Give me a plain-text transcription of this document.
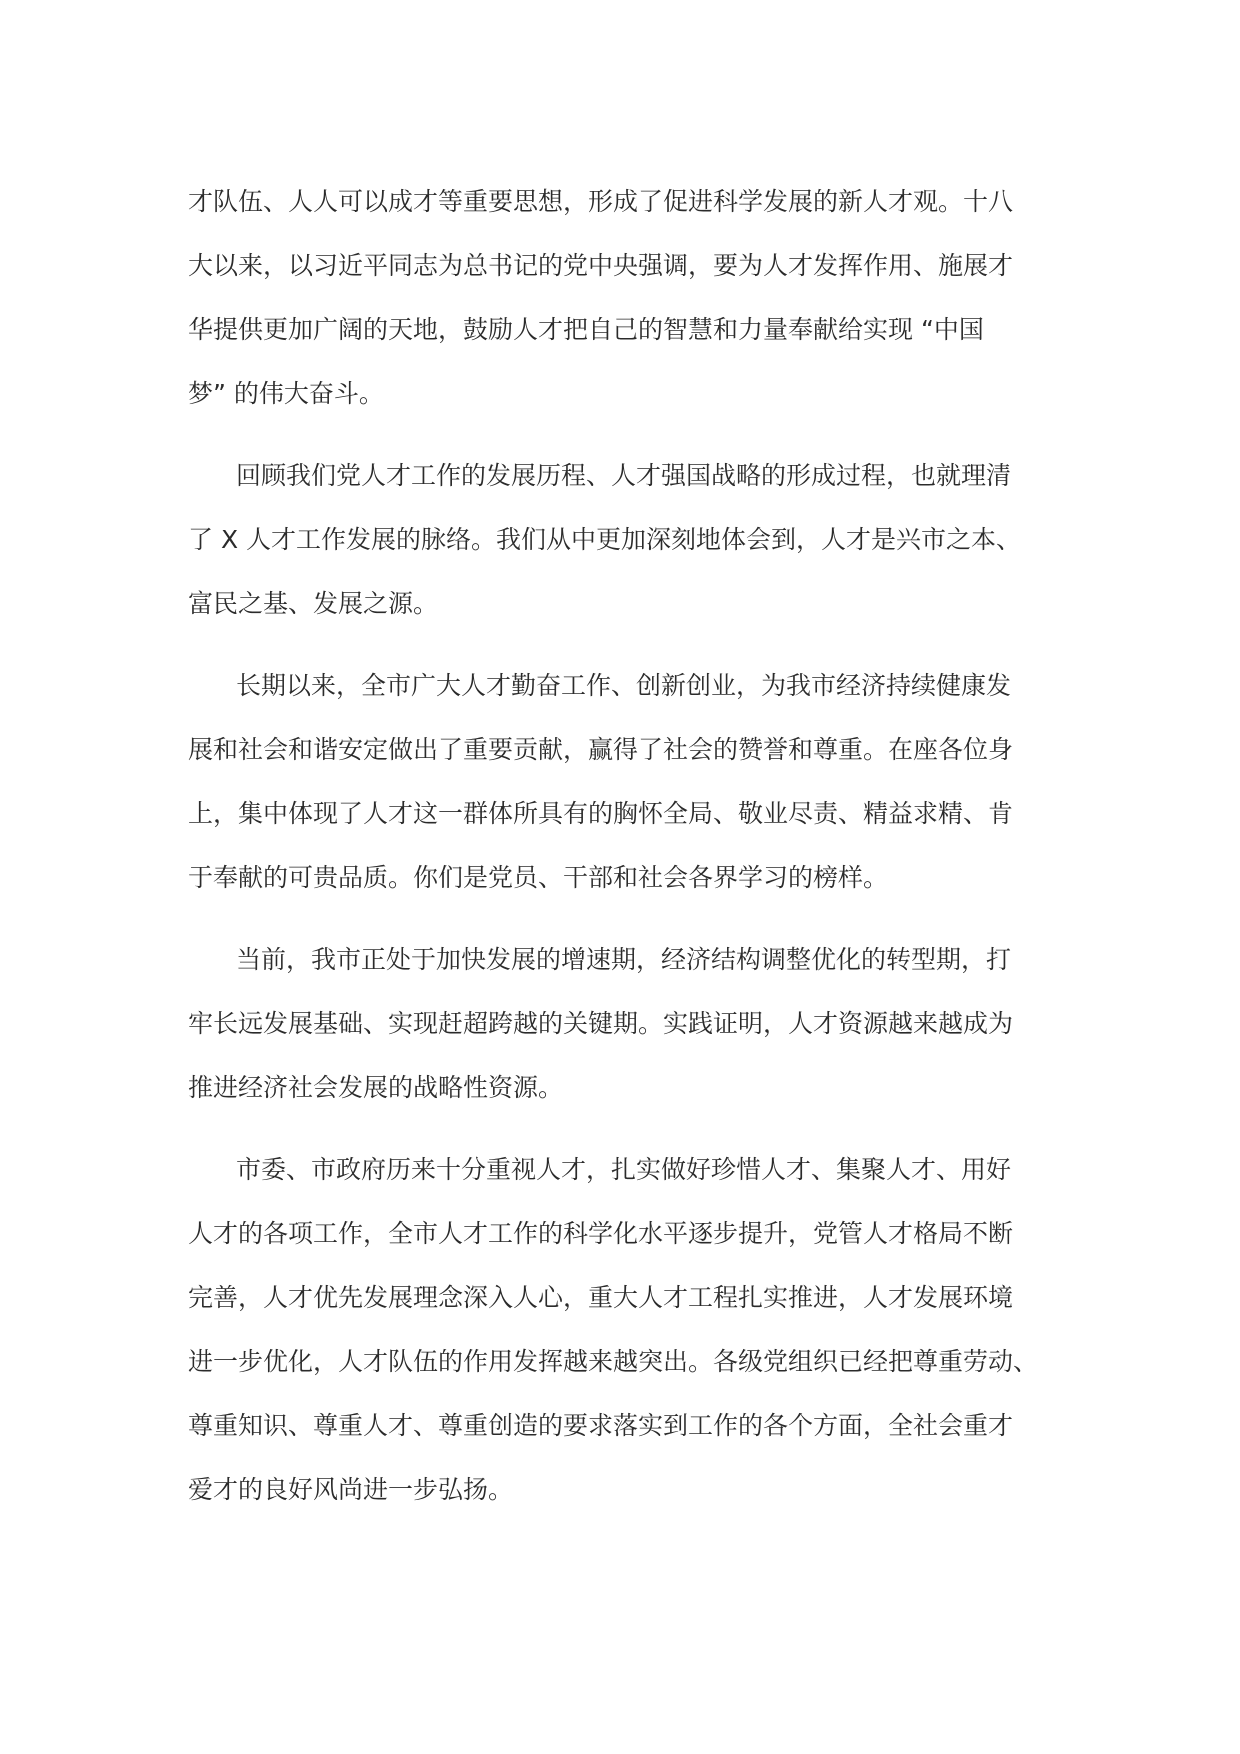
才队伍、人人可以成才等重要思想，形成了促进科学发展的新人才观。十八
大以来，以习近平同志为总书记的党中央强调，要为人才发挥作用、施展才
华提供更加广阔的天地，鼓励人才把自己的智慧和力量奉献给实现 “中国
梦” 的伟大奋斗。
回顾我们党人才工作的发展历程、人才强国战略的形成过程，也就理清
了 X 人才工作发展的脉络。我们从中更加深刻地体会到，人才是兴市之本、
富民之基、发展之源。
长期以来，全市广大人才勤奋工作、创新创业，为我市经济持续健康发
展和社会和谐安定做出了重要贡献，赢得了社会的赞誉和尊重。在座各位身
上，集中体现了人才这一群体所具有的胸怀全局、敬业尽责、精益求精、肯
于奉献的可贵品质。你们是党员、干部和社会各界学习的榜样。
当前，我市正处于加快发展的增速期，经济结构调整优化的转型期，打
牢长远发展基础、实现赶超跨越的关键期。实践证明，人才资源越来越成为
推进经济社会发展的战略性资源。
市委、市政府历来十分重视人才，扎实做好珍惜人才、集聚人才、用好
人才的各项工作，全市人才工作的科学化水平逐步提升，党管人才格局不断
完善，人才优先发展理念深入人心，重大人才工程扎实推进，人才发展环境
进一步优化，人才队伍的作用发挥越来越突出。各级党组织已经把尊重劳动、
尊重知识、尊重人才、尊重创造的要求落实到工作的各个方面，全社会重才
爱才的良好风尚进一步弘扬。
